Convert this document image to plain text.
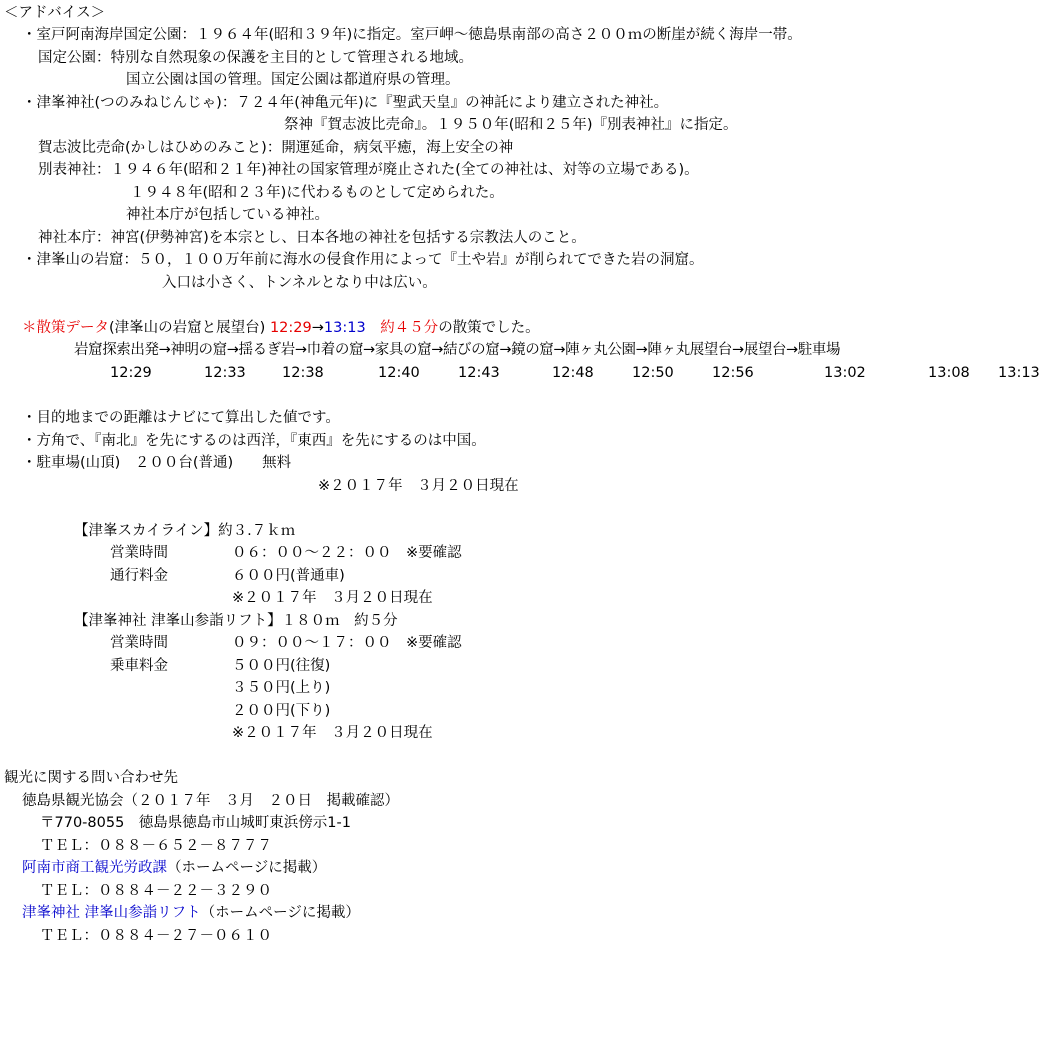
＜アドバイス＞
・室戸阿南海岸国定公園：１９６４年(昭和３９年)に指定。室戸岬～徳島県南部の高さ２００ｍの断崖が続く海岸一帯。
国定公園：特別な自然現象の保護を主目的として管理される地域。
国立公園は国の管理。国定公園は都道府県の管理。
・津峯神社(つのみねじんじゃ)：７２４年(神亀元年)に『聖武天皇』の神託により建立された神社。
祭神『賀志波比売命』。１９５０年(昭和２５年)『別表神社』に指定。
賀志波比売命(かしはひめのみこと)：開運延命，病気平癒，海上安全の神
別表神社：１９４６年(昭和２１年)神社の国家管理が廃止された(全ての神社は、対等の立場である)。
１９４８年(昭和２３年)に代わるものとして定められた。
神社本庁が包括している神社。
神社本庁：神宮(伊勢神宮)を本宗とし、日本各地の神社を包括する宗教法人のこと。
・津峯山の岩窟：５０，１００万年前に海水の侵食作用によって『土や岩』が削られてできた岩の洞窟。
入口は小さく、トンネルとなり中は広い。
＊散策データ(津峯山の岩窟と展望台) 12:29→13:13　 約４５分の散策でした。
岩窟探索出発→神明の窟→揺るぎ岩→巾着の窟→家具の窟→結びの窟→鏡の窟→陣ヶ丸公園→陣ヶ丸展望台→展望台→駐車場
12:29	12:33 12:38	12:40	12:43	12:48	12:50	12:56	13:02	13:08 13:13
・目的地までの距離はナビにて算出した値です。
・方角で、『南北』を先にするのは西洋，『東西』を先にするのは中国。
・駐車場(山頂)　２００台(普通)　　無料
※２０１７年　３月２０日現在
【津峯スカイライン】約３.７ｋｍ
営業時間	０６：００～２２：００　※要確認
通行料金	６００円(普通車)
※２０１７年　３月２０日現在
【津峯神社 津峯山参詣リフト】１８０ｍ　約５分
営業時間	０９：００～１７：００　※要確認
乗車料金	５００円(往復)
３５０円(上り)
２００円(下り)
※２０１７年　３月２０日現在
観光に関する問い合わせ先
徳島県観光協会（２０１７年　３月　２０日　掲載確認）
〒770-8055　徳島県徳島市山城町東浜傍示1-1
ＴＥＬ：０８８－６５２－８７７７
阿南市商工観光労政課（ホームページに掲載）
ＴＥＬ：０８８４－２２－３２９０
津峯神社 津峯山参詣リフト（ホームページに掲載）
ＴＥＬ：０８８４－２７－０６１０
